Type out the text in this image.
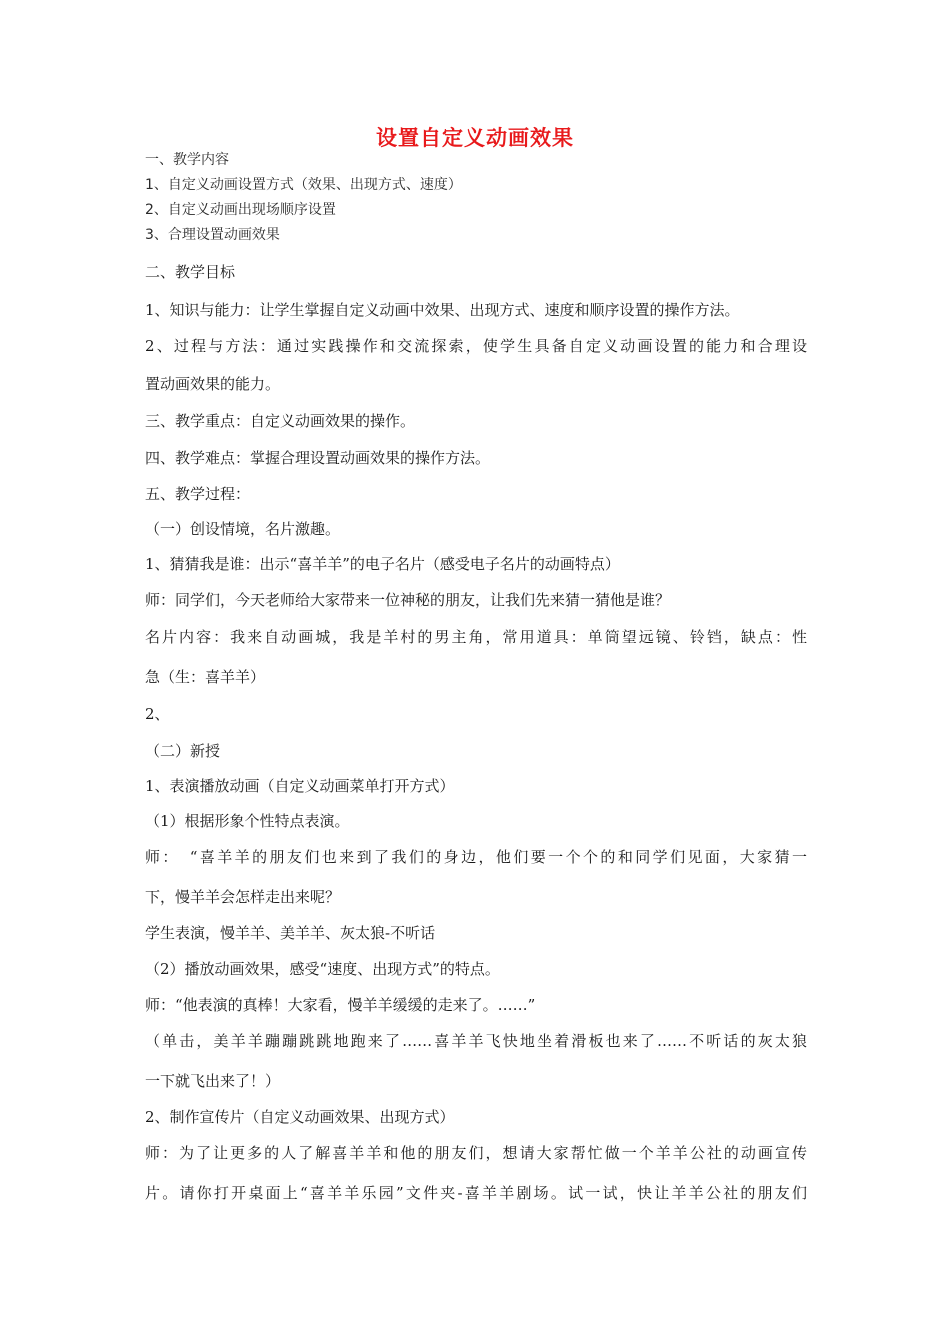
设置自定义动画效果
一、教学内容
1、自定义动画设置方式（效果、出现方式、速度）
2、自定义动画出现场顺序设置
3、合理设置动画效果
二、教学目标
1、知识与能力：让学生掌握自定义动画中效果、出现方式、速度和顺序设置的操作方法。
2、过程与方法：通过实践操作和交流探索，使学生具备自定义动画设置的能力和合理设
置动画效果的能力。
三、教学重点：自定义动画效果的操作。
四、教学难点：掌握合理设置动画效果的操作方法。
五、教学过程：
（一）创设情境，名片激趣。
1、猜猜我是谁：出示“喜羊羊”的电子名片（感受电子名片的动画特点）
师：同学们，今天老师给大家带来一位神秘的朋友，让我们先来猜一猜他是谁？
名片内容：我来自动画城，我是羊村的男主角，常用道具：单筒望远镜、铃铛，缺点：性
急（生：喜羊羊）
2、
（二）新授
1、表演播放动画（自定义动画菜单打开方式）
（1）根据形象个性特点表演。
师：　“喜羊羊的朋友们也来到了我们的身边，他们要一个个的和同学们见面，大家猜一
下，慢羊羊会怎样走出来呢？
学生表演，慢羊羊、美羊羊、灰太狼-不听话
（2）播放动画效果，感受“速度、出现方式”的特点。
师：“他表演的真棒！大家看，慢羊羊缓缓的走来了。……”
（单击，美羊羊蹦蹦跳跳地跑来了……喜羊羊飞快地坐着滑板也来了……不听话的灰太狼
一下就飞出来了！）
2、制作宣传片（自定义动画效果、出现方式）
师：为了让更多的人了解喜羊羊和他的朋友们，想请大家帮忙做一个羊羊公社的动画宣传
片。请你打开桌面上“喜羊羊乐园”文件夹-喜羊羊剧场。试一试，快让羊羊公社的朋友们
